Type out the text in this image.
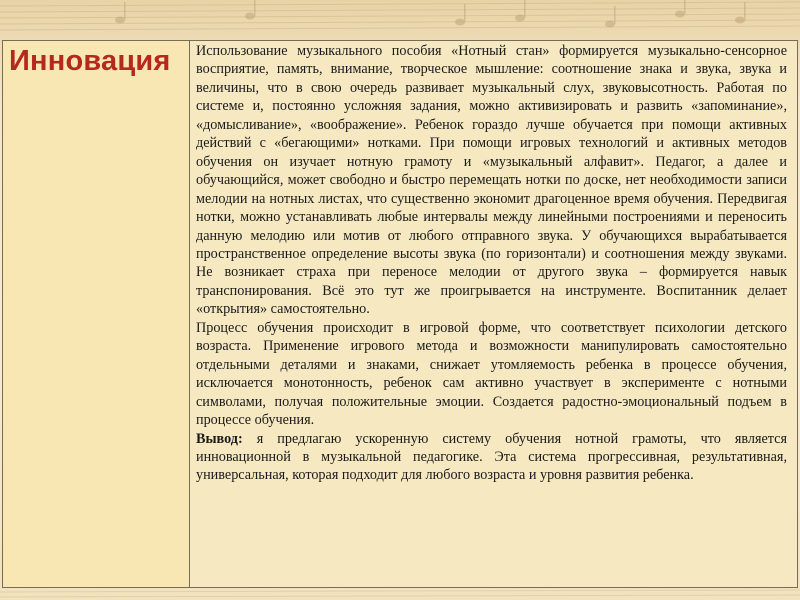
Инновация	Использование музыкального пособия «Нотный стан» формируется музыкально-сенсорное восприятие, память, внимание, творческое мышление: соотношение знака и звука, звука и величины, что в свою очередь развивает музыкальный слух, звуковысотность. Работая по системе и, постоянно усложняя задания, можно активизировать и развить «запоминание», «домысливание», «воображение». Ребенок гораздо лучше обучается при помощи активных действий с «бегающими» нотками. При помощи игровых технологий и активных методов обучения он изучает нотную грамоту и «музыкальный алфавит». Педагог, а далее и обучающийся, может свободно и быстро перемещать нотки по доске, нет необходимости записи мелодии на нотных листах, что существенно экономит драгоценное время обучения. Передвигая нотки, можно устанавливать любые интервалы между линейными построениями и переносить данную мелодию или мотив от любого отправного звука. У обучающихся вырабатывается пространственное определение высоты звука (по горизонтали) и соотношения между звуками. Не возникает страха при переносе мелодии от другого звука – формируется навык транспонирования. Всё это тут же проигрывается на инструменте. Воспитанник делает «открытия» самостоятельно.

Процесс обучения происходит в игровой форме, что соответствует психологии детского возраста. Применение игрового метода и возможности манипулировать самостоятельно отдельными деталями и знаками, снижает утомляемость ребенка в процессе обучения, исключается монотонность, ребенок сам активно участвует в эксперименте с нотными символами, получая положительные эмоции. Создается радостно-эмоциональный подъем в процессе обучения.

Вывод: я предлагаю ускоренную систему обучения нотной грамоты, что является инновационной в музыкальной педагогике. Эта система прогрессивная, результативная, универсальная, которая подходит для любого возраста и уровня развития ребенка.
